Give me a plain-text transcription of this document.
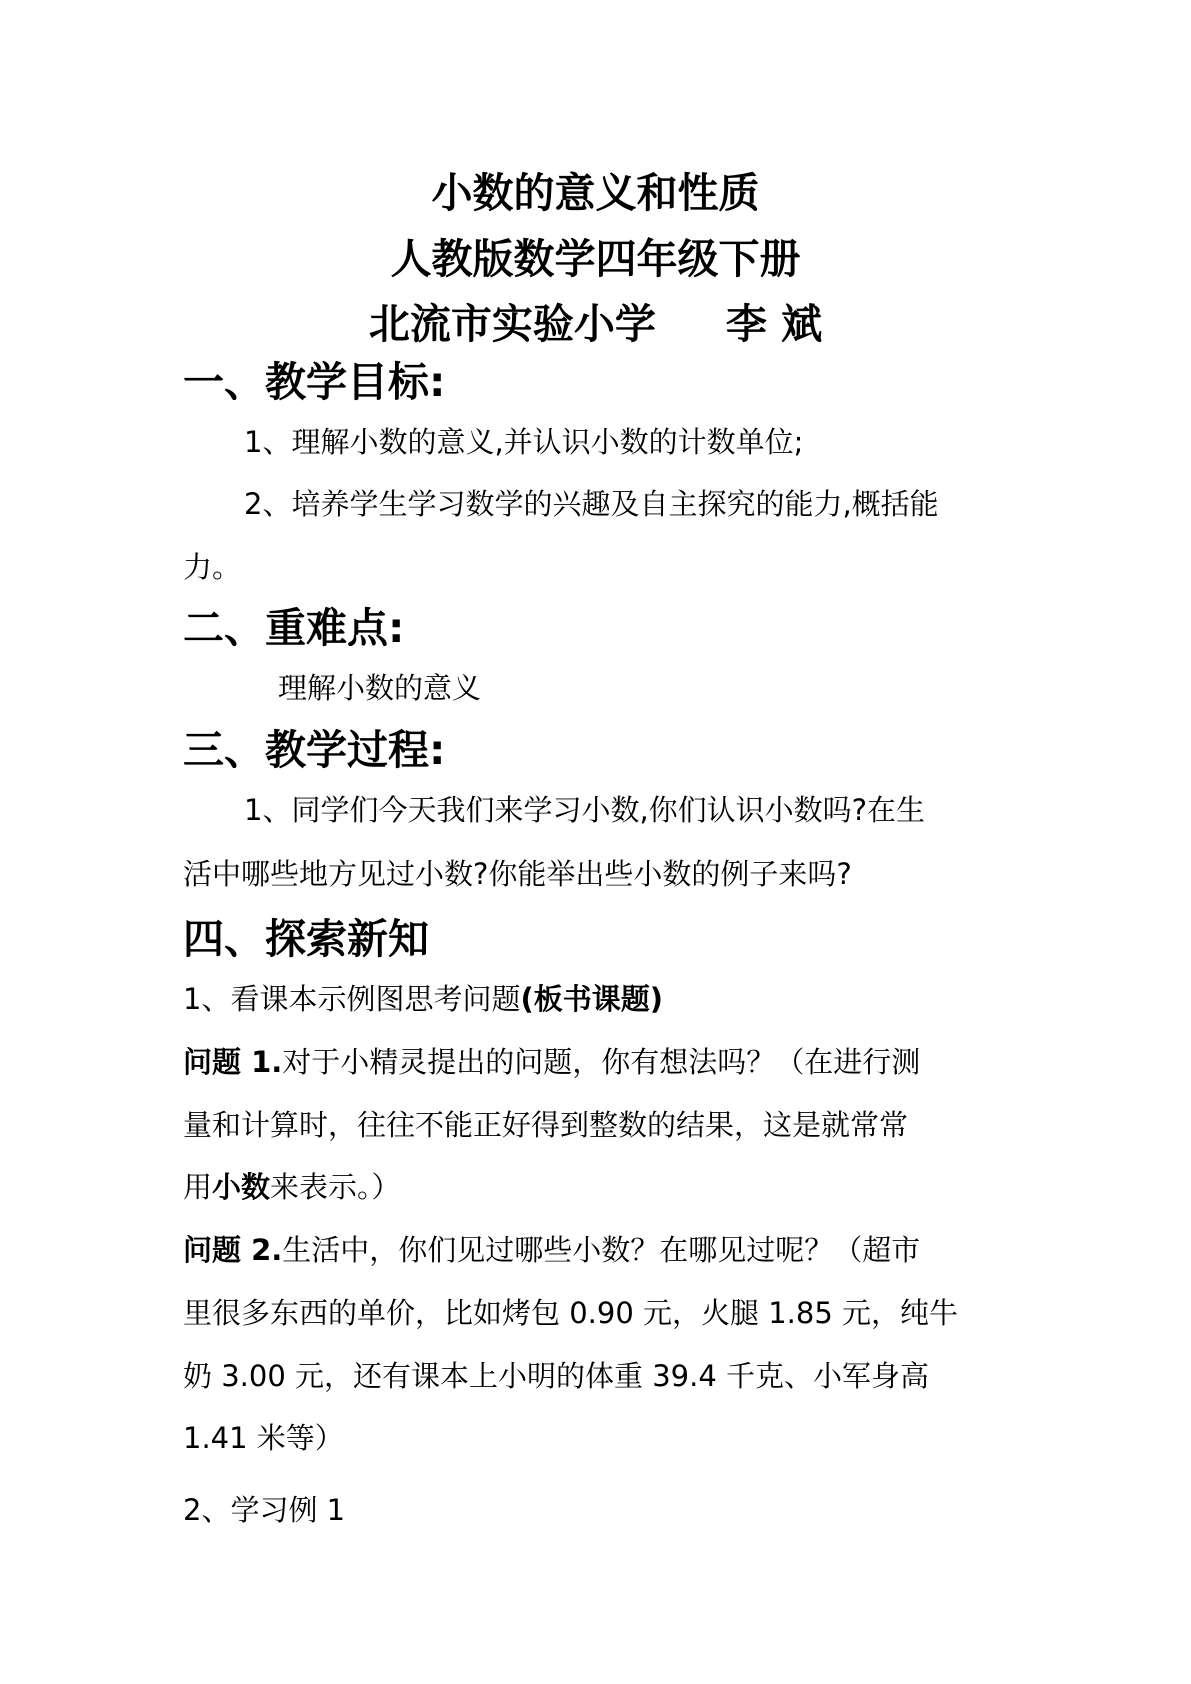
小数的意义和性质
人教版数学四年级下册
北流市实验小学 李 斌
一、教学目标:
1、理解小数的意义,并认识小数的计数单位;
2、培养学生学习数学的兴趣及自主探究的能力,概括能
力。
二、重难点:
理解小数的意义
三、教学过程:
1、同学们今天我们来学习小数,你们认识小数吗?在生
活中哪些地方见过小数?你能举出些小数的例子来吗?
四、探索新知
1、看课本示例图思考问题(板书课题)
问题 1.对于小精灵提出的问题，你有想法吗？（在进行测
量和计算时，往往不能正好得到整数的结果，这是就常常
用小数来表示。）
问题 2.生活中，你们见过哪些小数？在哪见过呢？（超市
里很多东西的单价，比如烤包 0.90 元，火腿 1.85 元，纯牛
奶 3.00 元，还有课本上小明的体重 39.4 千克、小军身高
1.41 米等）
2、学习例 1
